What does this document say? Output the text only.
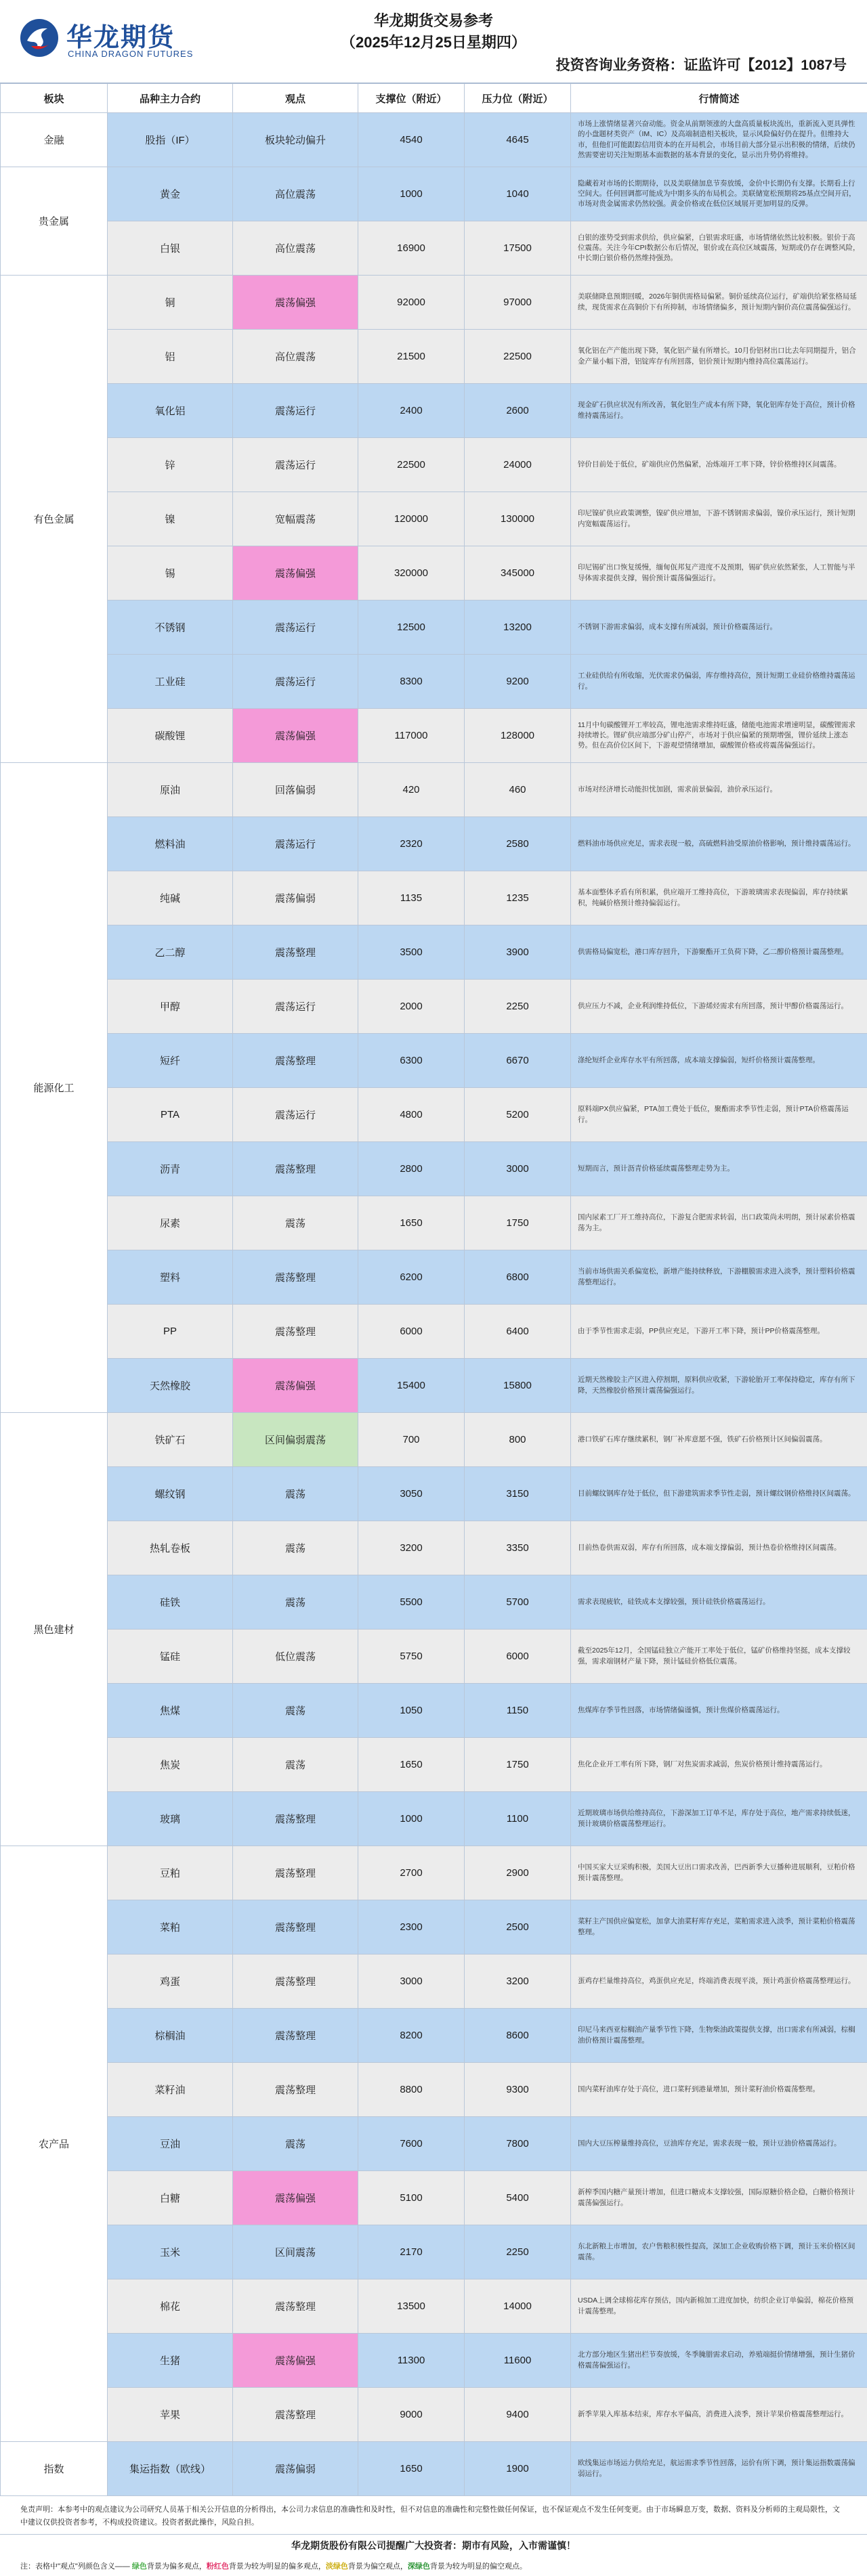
华龙期货
CHINA DRAGON FUTURES
华龙期货交易参考
（2025年12月25日星期四）
投资咨询业务资格：证监许可【2012】1087号
板块	品种主力合约	观点	支撑位（附近）	压力位（附近）	行情简述
金融	股指（IF）	板块轮动偏升	4540	4645	市场上涨情绪显著兴奋动能。资金从前期领涨的大盘高质量板块流出，重新流入更具弹性的小盘题材类资产（IM、IC）及高端制造相关板块，显示风险偏好仍在提升。但维持大市，但他们可能跟踪信用资本的在开局机会，市场目前大部分显示出积极的情绪，后续仍然需要密切关注短期基本面数据的基本背景的变化，显示出升势仍将维持。
贵金属	黄金	高位震荡	1000	1040	隐藏着对市场的长期期待，以及美联储加息节奏放缓，金价中长期仍有支撑。长期看上行空间大。任何回调都可能成为中期多头的布局机会。美联储宽松预期将25基点空间开启，市场对贵金属需求仍然较强。黄金价格或在低位区域展开更加明显的反弹。
	白银	高位震荡	16900	17500	白银的涨势受到需求供给，供应偏紧，白银需求旺盛，市场情绪依然比较积极。银价于高位震荡。关注今年CPI数据公布后情况，银价或在高位区域震荡，短期或仍存在调整风险，中长期白银价格仍然维持强劲。
有色金属	铜	震荡偏强	92000	97000	美联储降息预期回暖，2026年铜供需格局偏紧。铜价延续高位运行，矿端供给紧张格局延续，现货需求在高铜价下有所抑制，市场情绪偏多，预计短期内铜价高位震荡偏强运行。
	铝	高位震荡	21500	22500	氧化铝在产产能出现下降，氧化铝产量有所增长。10月份铝材出口比去年同期提升，铝合金产量小幅下滑，铝锭库存有所回落，铝价预计短期内维持高位震荡运行。
	氧化铝	震荡运行	2400	2600	现金矿石供应状况有所改善，氧化铝生产成本有所下降，氧化铝库存处于高位，预计价格维持震荡运行。
	锌	震荡运行	22500	24000	锌价目前处于低位，矿端供应仍然偏紧，冶炼端开工率下降，锌价格维持区间震荡。
	镍	宽幅震荡	120000	130000	印尼镍矿供应政策调整，镍矿供应增加，下游不锈钢需求偏弱，镍价承压运行，预计短期内宽幅震荡运行。
	锡	震荡偏强	320000	345000	印尼锡矿出口恢复缓慢，缅甸佤邦复产进度不及预期，锡矿供应依然紧张，人工智能与半导体需求提供支撑，锡价预计震荡偏强运行。
	不锈钢	震荡运行	12500	13200	不锈钢下游需求偏弱，成本支撑有所减弱，预计价格震荡运行。
	工业硅	震荡运行	8300	9200	工业硅供给有所收缩，光伏需求仍偏弱，库存维持高位，预计短期工业硅价格维持震荡运行。
	碳酸锂	震荡偏强	117000	128000	11月中旬碳酸锂开工率较高，锂电池需求维持旺盛，储能电池需求增速明显，碳酸锂需求持续增长。锂矿供应端部分矿山停产，市场对于供应偏紧的预期增强，锂价延续上涨态势。但在高价位区间下，下游观望情绪增加，碳酸锂价格或将震荡偏强运行。
能源化工	原油	回落偏弱	420	460	市场对经济增长动能担忧加剧，需求前景偏弱，油价承压运行。
	燃料油	震荡运行	2320	2580	燃料油市场供应充足，需求表现一般，高硫燃料油受原油价格影响，预计维持震荡运行。
	纯碱	震荡偏弱	1135	1235	基本面整体矛盾有所积累，供应端开工维持高位，下游玻璃需求表现偏弱，库存持续累积，纯碱价格预计维持偏弱运行。
	乙二醇	震荡整理	3500	3900	供需格局偏宽松，港口库存回升，下游聚酯开工负荷下降，乙二醇价格预计震荡整理。
	甲醇	震荡运行	2000	2250	供应压力不减，企业利润维持低位，下游烯烃需求有所回落，预计甲醇价格震荡运行。
	短纤	震荡整理	6300	6670	涤纶短纤企业库存水平有所回落，成本端支撑偏弱，短纤价格预计震荡整理。
	PTA	震荡运行	4800	5200	原料端PX供应偏紧，PTA加工费处于低位，聚酯需求季节性走弱，预计PTA价格震荡运行。
	沥青	震荡整理	2800	3000	短期而言，预计沥青价格延续震荡整理走势为主。
	尿素	震荡	1650	1750	国内尿素工厂开工维持高位，下游复合肥需求转弱，出口政策尚未明朗，预计尿素价格震荡为主。
	塑料	震荡整理	6200	6800	当前市场供需关系偏宽松，新增产能持续释放，下游棚膜需求进入淡季，预计塑料价格震荡整理运行。
	PP	震荡整理	6000	6400	由于季节性需求走弱，PP供应充足，下游开工率下降，预计PP价格震荡整理。
	天然橡胶	震荡偏强	15400	15800	近期天然橡胶主产区进入停割期，原料供应收紧，下游轮胎开工率保持稳定，库存有所下降，天然橡胶价格预计震荡偏强运行。
黑色建材	铁矿石	区间偏弱震荡	700	800	港口铁矿石库存继续累积，钢厂补库意愿不强，铁矿石价格预计区间偏弱震荡。
	螺纹钢	震荡	3050	3150	目前螺纹钢库存处于低位，但下游建筑需求季节性走弱，预计螺纹钢价格维持区间震荡。
	热轧卷板	震荡	3200	3350	目前热卷供需双弱，库存有所回落，成本端支撑偏弱，预计热卷价格维持区间震荡。
	硅铁	震荡	5500	5700	需求表现疲软，硅铁成本支撑较强，预计硅铁价格震荡运行。
	锰硅	低位震荡	5750	6000	截至2025年12月，全国锰硅独立产能开工率处于低位，锰矿价格维持坚挺，成本支撑较强，需求端钢材产量下降，预计锰硅价格低位震荡。
	焦煤	震荡	1050	1150	焦煤库存季节性回落，市场情绪偏谨慎，预计焦煤价格震荡运行。
	焦炭	震荡	1650	1750	焦化企业开工率有所下降，钢厂对焦炭需求减弱，焦炭价格预计维持震荡运行。
	玻璃	震荡整理	1000	1100	近期玻璃市场供给维持高位，下游深加工订单不足，库存处于高位，地产需求持续低迷，预计玻璃价格震荡整理运行。
农产品	豆粕	震荡整理	2700	2900	中国买家大豆采购积极，美国大豆出口需求改善，巴西新季大豆播种进展顺利，豆粕价格预计震荡整理。
	菜粕	震荡整理	2300	2500	菜籽主产国供应偏宽松，加拿大油菜籽库存充足，菜粕需求进入淡季，预计菜粕价格震荡整理。
	鸡蛋	震荡整理	3000	3200	蛋鸡存栏量维持高位，鸡蛋供应充足，终端消费表现平淡，预计鸡蛋价格震荡整理运行。
	棕榈油	震荡整理	8200	8600	印尼马来西亚棕榈油产量季节性下降，生物柴油政策提供支撑，出口需求有所减弱，棕榈油价格预计震荡整理。
	菜籽油	震荡整理	8800	9300	国内菜籽油库存处于高位，进口菜籽到港量增加，预计菜籽油价格震荡整理。
	豆油	震荡	7600	7800	国内大豆压榨量维持高位，豆油库存充足，需求表现一般，预计豆油价格震荡运行。
	白糖	震荡偏强	5100	5400	新榨季国内糖产量预计增加，但进口糖成本支撑较强，国际原糖价格企稳，白糖价格预计震荡偏强运行。
	玉米	区间震荡	2170	2250	东北新粮上市增加，农户售粮积极性提高，深加工企业收购价格下调，预计玉米价格区间震荡。
	棉花	震荡整理	13500	14000	USDA上调全球棉花库存预估，国内新棉加工进度加快，纺织企业订单偏弱，棉花价格预计震荡整理。
	生猪	震荡偏强	11300	11600	北方部分地区生猪出栏节奏放缓，冬季腌腊需求启动，养殖端挺价情绪增强，预计生猪价格震荡偏强运行。
	苹果	震荡整理	9000	9400	新季苹果入库基本结束，库存水平偏高，消费进入淡季，预计苹果价格震荡整理运行。
指数	集运指数（欧线）	震荡偏弱	1650	1900	欧线集运市场运力供给充足，航运需求季节性回落，运价有所下调，预计集运指数震荡偏弱运行。
免责声明：本参考中的观点建议为公司研究人员基于相关公开信息的分析得出，本公司力求信息的准确性和及时性，但不对信息的准确性和完整性做任何保证，也不保证观点不发生任何变更。由于市场瞬息万变，数据、资料及分析师的主观局限性，文中建议仅供投资者参考，不构成投资建议。投资者据此操作，风险自担。
华龙期货股份有限公司提醒广大投资者：期市有风险，入市需谨慎！
注：表格中"观点"列颜色含义—— 绿色背景为偏多观点，粉红色背景为较为明显的偏多观点，淡绿色背景为偏空观点，深绿色背景为较为明显的偏空观点。
